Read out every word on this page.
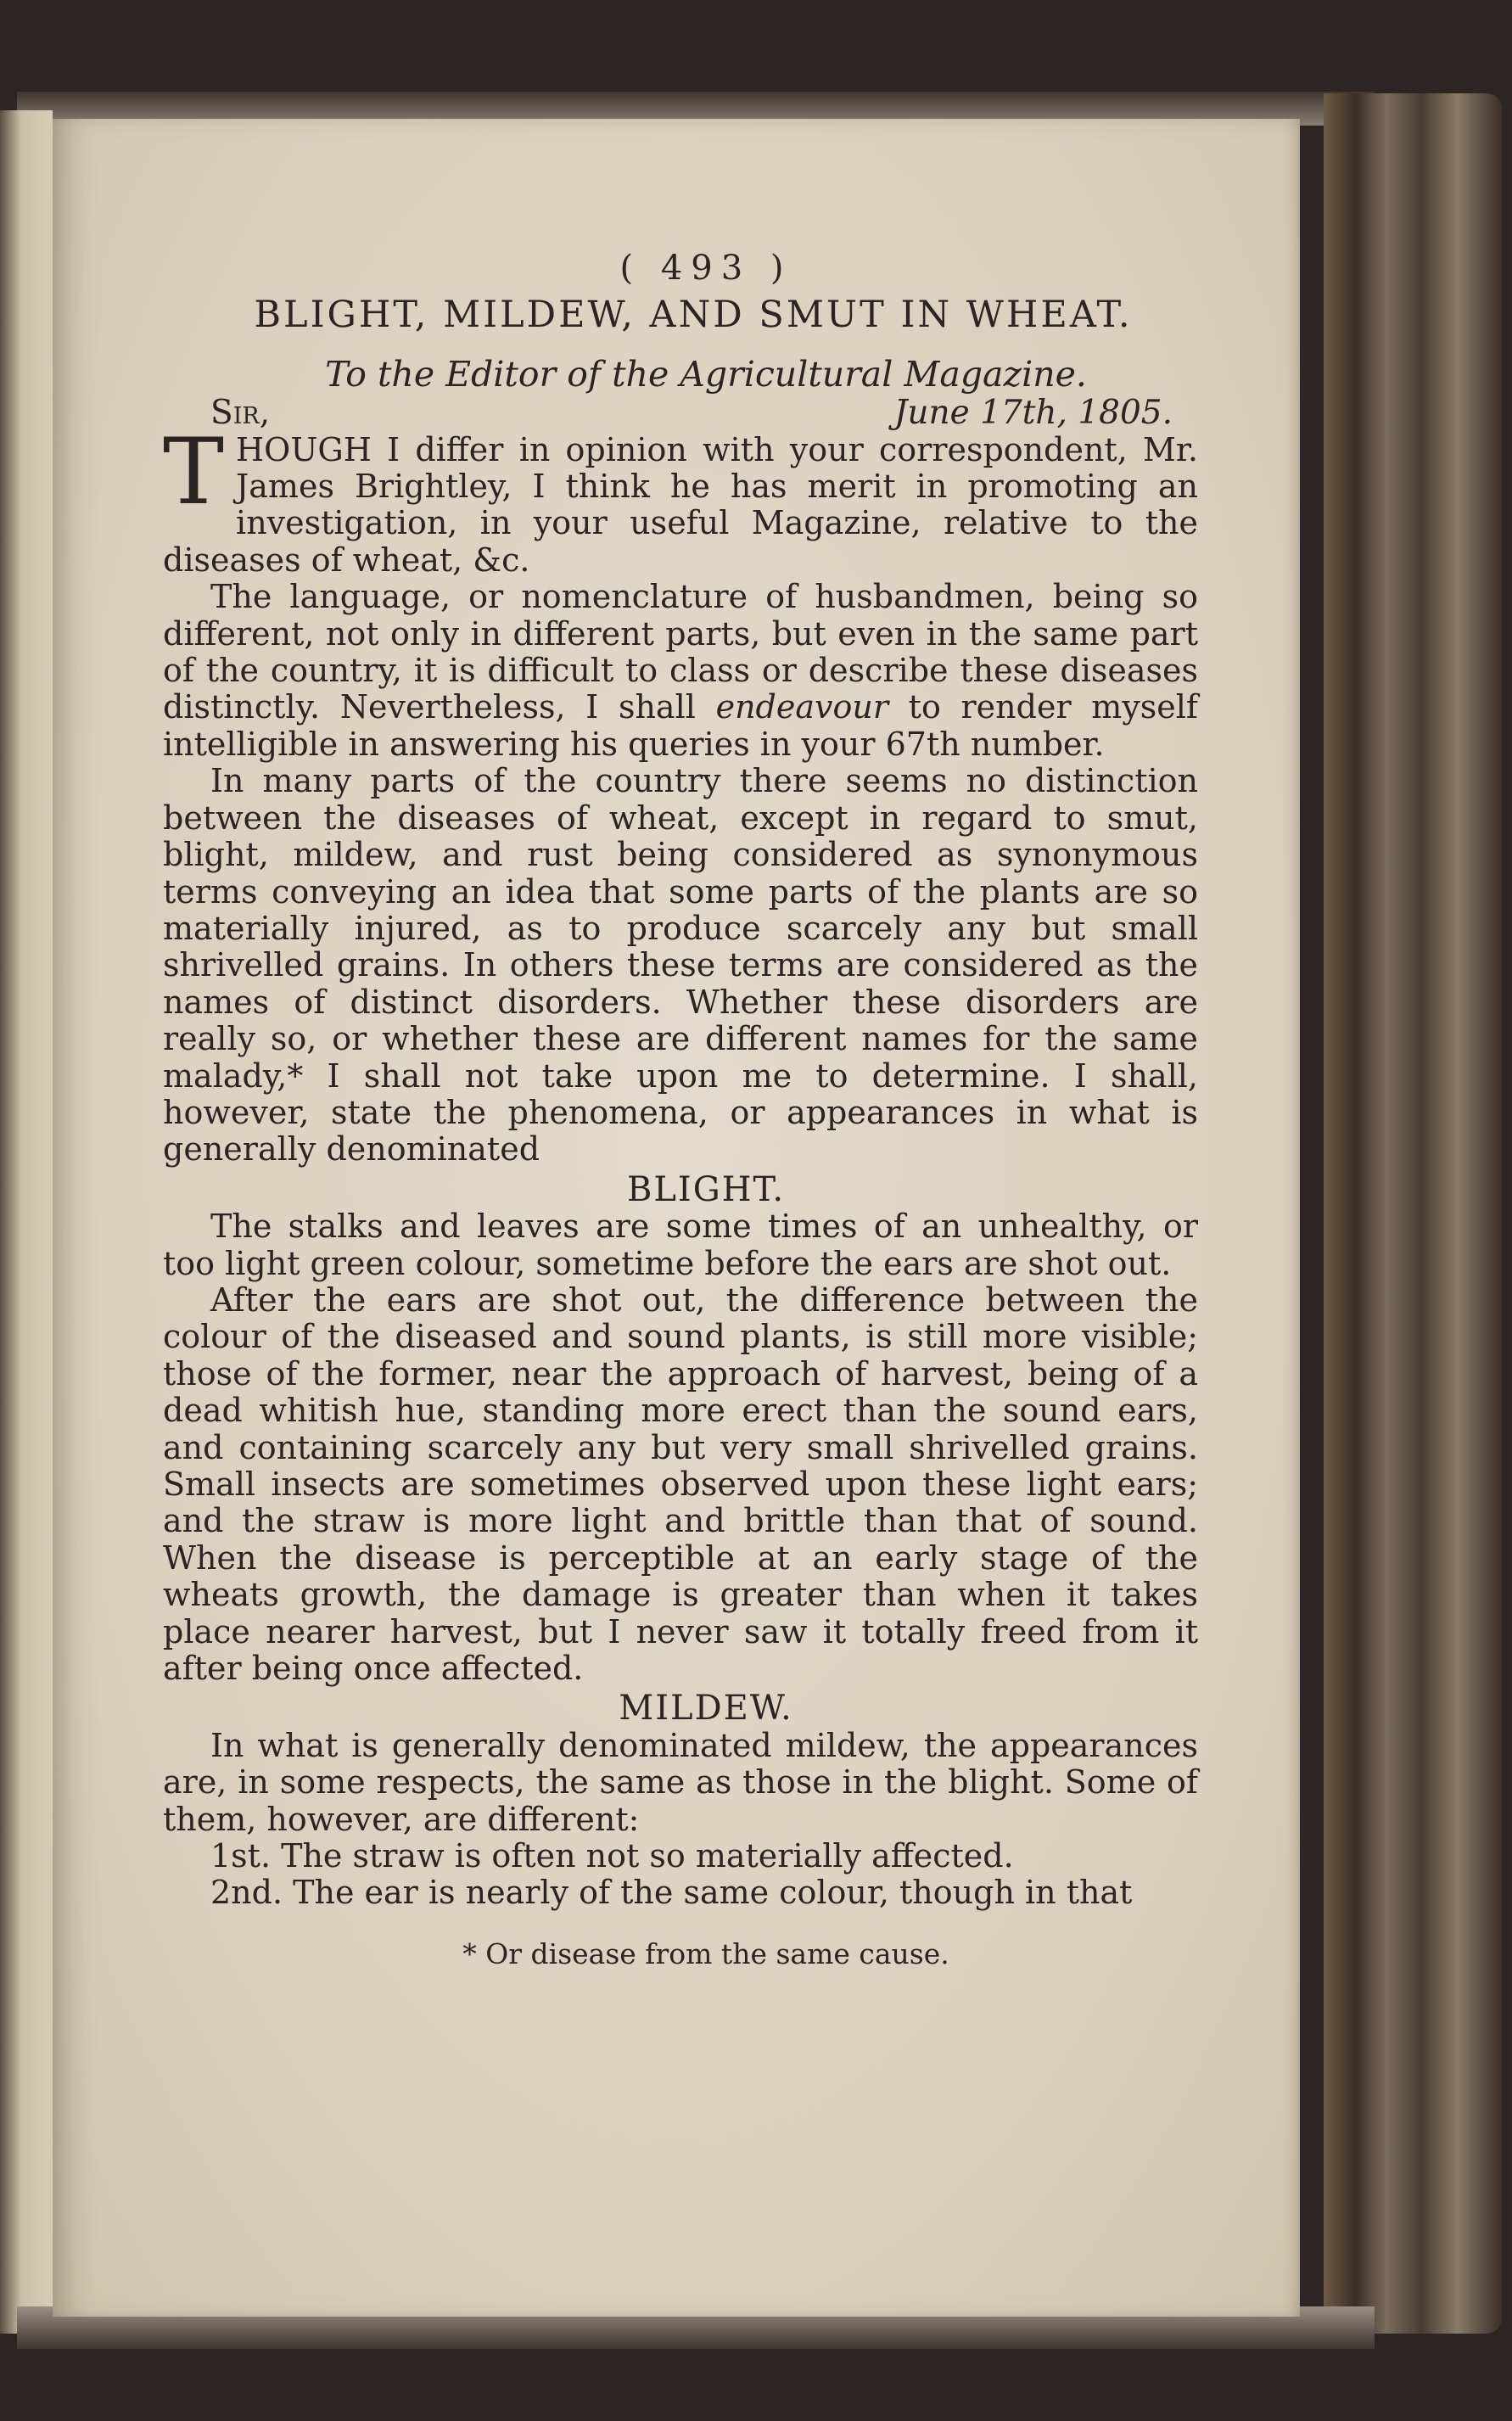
( 493 )
BLIGHT, MILDEW, AND SMUT IN WHEAT.
To the Editor of the Agricultural Magazine.
Sir,	June 17th, 1805.

THOUGH I differ in opinion with your correspondent, Mr. James Brightley, I think he has merit in promoting an investigation, in your useful Magazine, relative to the diseases of wheat, &c.

The language, or nomenclature of husbandmen, being so different, not only in different parts, but even in the same part of the country, it is difficult to class or describe these diseases distinctly. Nevertheless, I shall endeavour to render myself intelligible in answering his queries in your 67th number.

In many parts of the country there seems no distinction between the diseases of wheat, except in regard to smut, blight, mildew, and rust being considered as synonymous terms conveying an idea that some parts of the plants are so materially injured, as to produce scarcely any but small shrivelled grains. In others these terms are considered as the names of distinct disorders. Whether these disorders are really so, or whether these are different names for the same malady,* I shall not take upon me to determine. I shall, however, state the phenomena, or appearances in what is generally denominated

BLIGHT.

The stalks and leaves are some times of an unhealthy, or too light green colour, sometime before the ears are shot out.

After the ears are shot out, the difference between the colour of the diseased and sound plants, is still more visible; those of the former, near the approach of harvest, being of a dead whitish hue, standing more erect than the sound ears, and containing scarcely any but very small shrivelled grains. Small insects are sometimes observed upon these light ears; and the straw is more light and brittle than that of sound. When the disease is perceptible at an early stage of the wheats growth, the damage is greater than when it takes place nearer harvest, but I never saw it totally freed from it after being once affected.

MILDEW.

In what is generally denominated mildew, the appearances are, in some respects, the same as those in the blight. Some of them, however, are different:

1st. The straw is often not so materially affected.

2nd. The ear is nearly of the same colour, though in that

* Or disease from the same cause.
